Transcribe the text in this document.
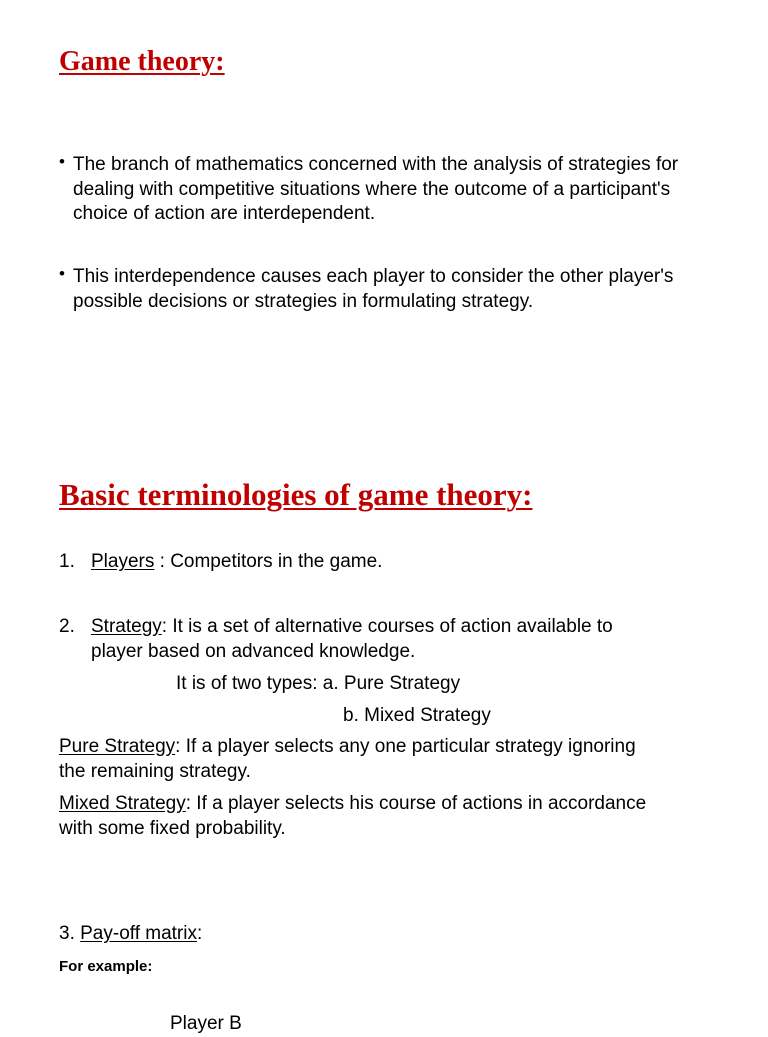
Game theory:
• The branch of mathematics concerned with the analysis of strategies for dealing with competitive situations where the outcome of a participant's choice of action are interdependent.
• This interdependence causes each player to consider the other player's possible decisions or strategies in formulating strategy.
Basic terminologies of game theory:
1. Players : Competitors in the game.
2. Strategy: It is a set of alternative courses of action available to
player based on advanced knowledge.
It is of two types: a. Pure Strategy
b. Mixed Strategy
Pure Strategy: If a player selects any one particular strategy ignoring
the remaining strategy.
Mixed Strategy: If a player selects his course of actions in accordance
with some fixed probability.
3. Pay-off matrix:
For example:
Player B
